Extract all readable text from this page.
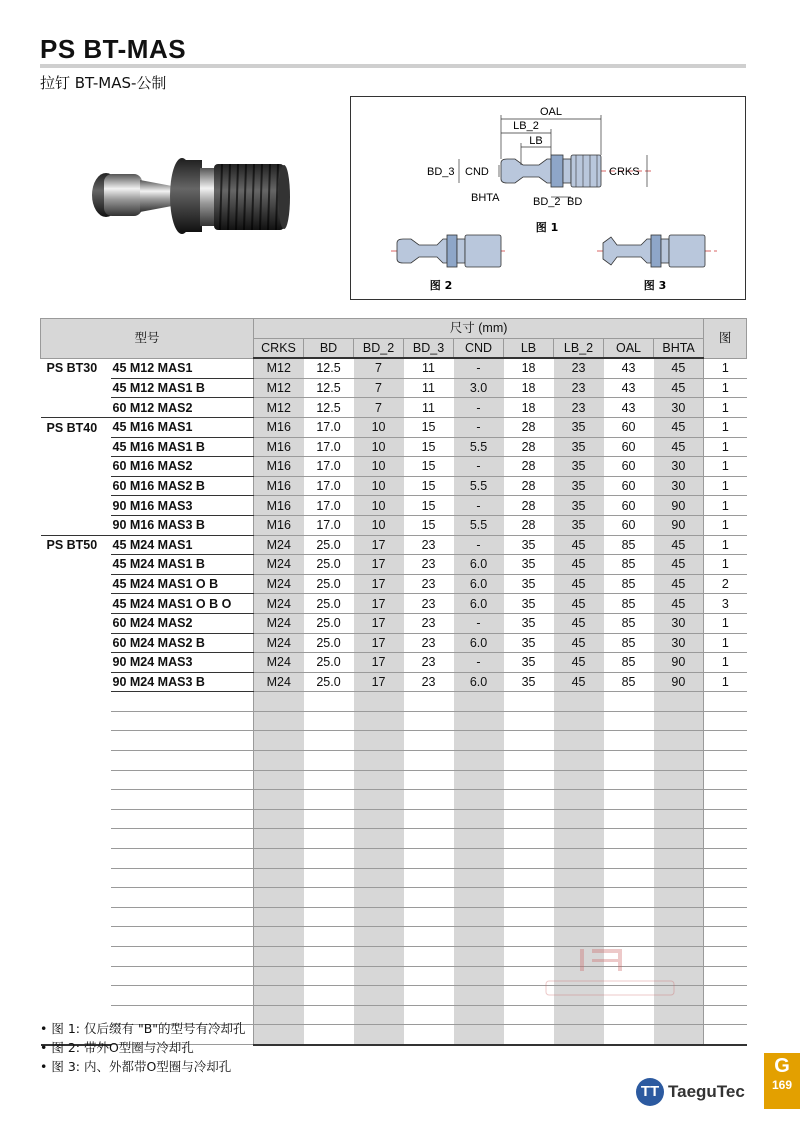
PS BT-MAS
拉钉 BT-MAS-公制
OAL
LB_2
LB
BD_3 CND	CRKS
BHTA	BD_2 BD
图 1
图 2	图 3
型号		尺寸 (mm)									图
		CRKS	BD	BD_2	BD_3	CND	LB	LB_2	OAL	BHTA	
PS BT30	45 M12 MAS1	M12	12.5	7	11	-	18	23	43	45	1
	45 M12 MAS1 B	M12	12.5	7	11	3.0	18	23	43	45	1
	60 M12 MAS2	M12	12.5	7	11	-	18	23	43	30	1
PS BT40	45 M16 MAS1	M16	17.0	10	15	-	28	35	60	45	1
	45 M16 MAS1 B	M16	17.0	10	15	5.5	28	35	60	45	1
	60 M16 MAS2	M16	17.0	10	15	-	28	35	60	30	1
	60 M16 MAS2 B	M16	17.0	10	15	5.5	28	35	60	30	1
	90 M16 MAS3	M16	17.0	10	15	-	28	35	60	90	1
	90 M16 MAS3 B	M16	17.0	10	15	5.5	28	35	60	90	1
PS BT50	45 M24 MAS1	M24	25.0	17	23	-	35	45	85	45	1
	45 M24 MAS1 B	M24	25.0	17	23	6.0	35	45	85	45	1
	45 M24 MAS1 O B	M24	25.0	17	23	6.0	35	45	85	45	2
	45 M24 MAS1 O B O	M24	25.0	17	23	6.0	35	45	85	45	3
	60 M24 MAS2	M24	25.0	17	23	-	35	45	85	30	1
	60 M24 MAS2 B	M24	25.0	17	23	6.0	35	45	85	30	1
	90 M24 MAS3	M24	25.0	17	23	-	35	45	85	90	1
	90 M24 MAS3 B	M24	25.0	17	23	6.0	35	45	85	90	1

• 图 1: 仅后缀有 "B"的型号有冷却孔
• 图 2: 带外O型圈与冷却孔
• 图 3: 内、外都带O型圈与冷却孔
TT TaeguTec
G
169
